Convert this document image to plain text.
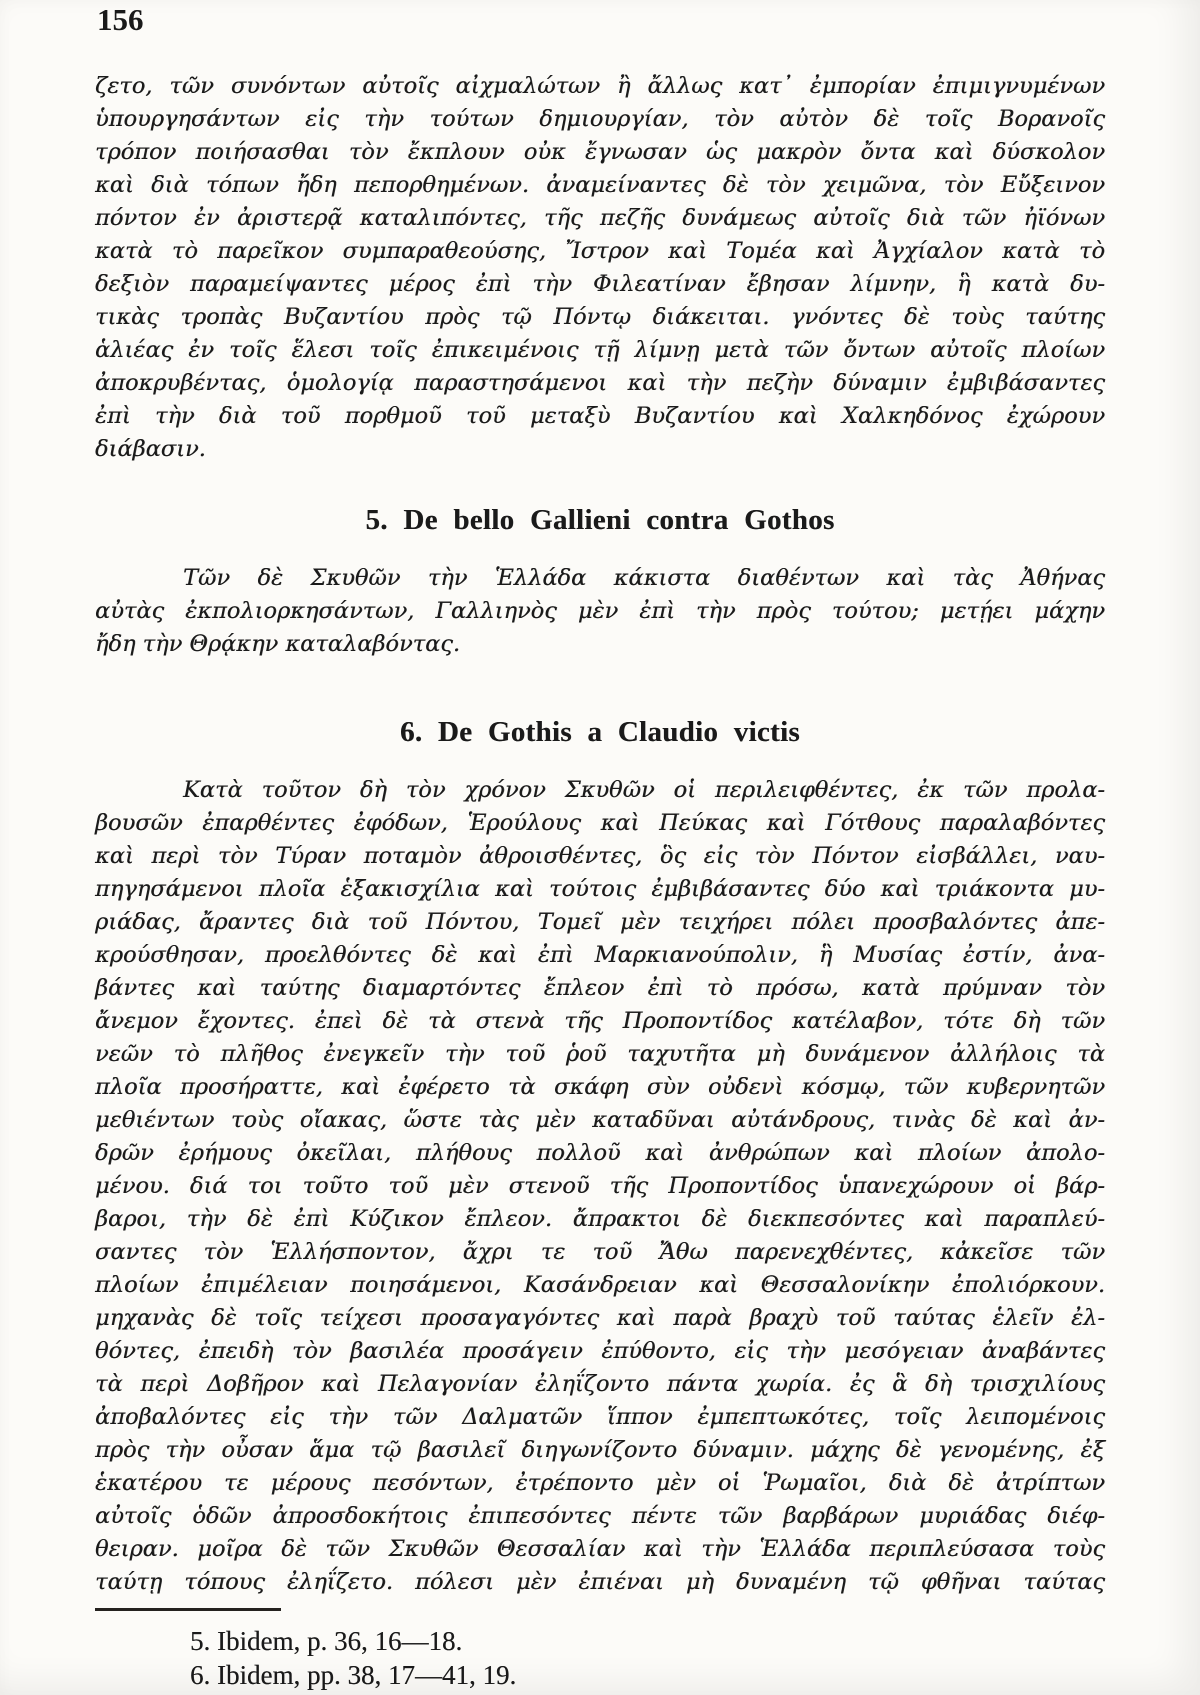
156
ζετο, τῶν συνόντων αὐτοῖς αἰχμαλώτων ἢ ἄλλως κατ᾽ ἐμπορίαν ἐπιμιγνυμένων
ὑπουργησάντων εἰς τὴν τούτων δημιουργίαν, τὸν αὐτὸν δὲ τοῖς Βορανοῖς
τρόπον ποιήσασθαι τὸν ἔκπλουν οὐκ ἔγνωσαν ὡς μακρὸν ὄντα καὶ δύσκολον
καὶ διὰ τόπων ἤδη πεπορθημένων. ἀναμείναντες δὲ τὸν χειμῶνα, τὸν Εὔξεινον
πόντον ἐν ἀριστερᾷ καταλιπόντες, τῆς πεζῆς δυνάμεως αὐτοῖς διὰ τῶν ἠϊόνων
κατὰ τὸ παρεῖκον συμπαραθεούσης, Ἴστρον καὶ Τομέα καὶ Ἀγχίαλον κατὰ τὸ
δεξιὸν παραμείψαντες μέρος ἐπὶ τὴν Φιλεατίναν ἔβησαν λίμνην, ἣ κατὰ δυ-
τικὰς τροπὰς Βυζαντίου πρὸς τῷ Πόντῳ διάκειται. γνόντες δὲ τοὺς ταύτης
ἁλιέας ἐν τοῖς ἕλεσι τοῖς ἐπικειμένοις τῇ λίμνῃ μετὰ τῶν ὄντων αὐτοῖς πλοίων
ἀποκρυβέντας, ὁμολογίᾳ παραστησάμενοι καὶ τὴν πεζὴν δύναμιν ἐμβιβάσαντες
ἐπὶ τὴν διὰ τοῦ πορθμοῦ τοῦ μεταξὺ Βυζαντίου καὶ Χαλκηδόνος ἐχώρουν
διάβασιν.
5. De bello Gallieni contra Gothos
Τῶν δὲ Σκυθῶν τὴν Ἑλλάδα κάκιστα διαθέντων καὶ τὰς Ἀθήνας
αὐτὰς ἐκπολιορκησάντων, Γαλλιηνὸς μὲν ἐπὶ τὴν πρὸς τούτου; μετῄει μάχην
ἤδη τὴν Θρᾴκην καταλαβόντας.
6. De Gothis a Claudio victis
Κατὰ τοῦτον δὴ τὸν χρόνον Σκυθῶν οἱ περιλειφθέντες, ἐκ τῶν προλα-
βουσῶν ἐπαρθέντες ἐφόδων, Ἑρούλους καὶ Πεύκας καὶ Γότθους παραλαβόντες
καὶ περὶ τὸν Τύραν ποταμὸν ἀθροισθέντες, ὃς εἰς τὸν Πόντον εἰσβάλλει, ναυ-
πηγησάμενοι πλοῖα ἑξακισχίλια καὶ τούτοις ἐμβιβάσαντες δύο καὶ τριάκοντα μυ-
ριάδας, ἄραντες διὰ τοῦ Πόντου, Τομεῖ μὲν τειχήρει πόλει προσβαλόντες ἀπε-
κρούσθησαν, προελθόντες δὲ καὶ ἐπὶ Μαρκιανούπολιν, ἣ Μυσίας ἐστίν, ἀνα-
βάντες καὶ ταύτης διαμαρτόντες ἔπλεον ἐπὶ τὸ πρόσω, κατὰ πρύμναν τὸν
ἄνεμον ἔχοντες. ἐπεὶ δὲ τὰ στενὰ τῆς Προποντίδος κατέλαβον, τότε δὴ τῶν
νεῶν τὸ πλῆθος ἐνεγκεῖν τὴν τοῦ ῥοῦ ταχυτῆτα μὴ δυνάμενον ἀλλήλοις τὰ
πλοῖα προσήραττε, καὶ ἐφέρετο τὰ σκάφη σὺν οὐδενὶ κόσμῳ, τῶν κυβερνητῶν
μεθιέντων τοὺς οἴακας, ὥστε τὰς μὲν καταδῦναι αὐτάνδρους, τινὰς δὲ καὶ ἀν-
δρῶν ἐρήμους ὀκεῖλαι, πλήθους πολλοῦ καὶ ἀνθρώπων καὶ πλοίων ἀπολο-
μένου. διά τοι τοῦτο τοῦ μὲν στενοῦ τῆς Προποντίδος ὑπανεχώρουν οἱ βάρ-
βαροι, τὴν δὲ ἐπὶ Κύζικον ἔπλεον. ἄπρακτοι δὲ διεκπεσόντες καὶ παραπλεύ-
σαντες τὸν Ἑλλήσποντον, ἄχρι τε τοῦ Ἄθω παρενεχθέντες, κἀκεῖσε τῶν
πλοίων ἐπιμέλειαν ποιησάμενοι, Κασάνδρειαν καὶ Θεσσαλονίκην ἐπολιόρκουν.
μηχανὰς δὲ τοῖς τείχεσι προσαγαγόντες καὶ παρὰ βραχὺ τοῦ ταύτας ἑλεῖν ἐλ-
θόντες, ἐπειδὴ τὸν βασιλέα προσάγειν ἐπύθοντο, εἰς τὴν μεσόγειαν ἀναβάντες
τὰ περὶ Δοβῆρον καὶ Πελαγονίαν ἐληΐζοντο πάντα χωρία. ἐς ἃ δὴ τρισχιλίους
ἀποβαλόντες εἰς τὴν τῶν Δαλματῶν ἵππον ἐμπεπτωκότες, τοῖς λειπομένοις
πρὸς τὴν οὖσαν ἅμα τῷ βασιλεῖ διηγωνίζοντο δύναμιν. μάχης δὲ γενομένης, ἐξ
ἑκατέρου τε μέρους πεσόντων, ἐτρέποντο μὲν οἱ Ῥωμαῖοι, διὰ δὲ ἀτρίπτων
αὐτοῖς ὁδῶν ἀπροσδοκήτοις ἐπιπεσόντες πέντε τῶν βαρβάρων μυριάδας διέφ-
θειραν. μοῖρα δὲ τῶν Σκυθῶν Θεσσαλίαν καὶ τὴν Ἑλλάδα περιπλεύσασα τοὺς
ταύτῃ τόπους ἐληΐζετο. πόλεσι μὲν ἐπιέναι μὴ δυναμένη τῷ φθῆναι ταύτας
5. Ibidem, p. 36, 16—18.
6. Ibidem, pp. 38, 17—41, 19.
